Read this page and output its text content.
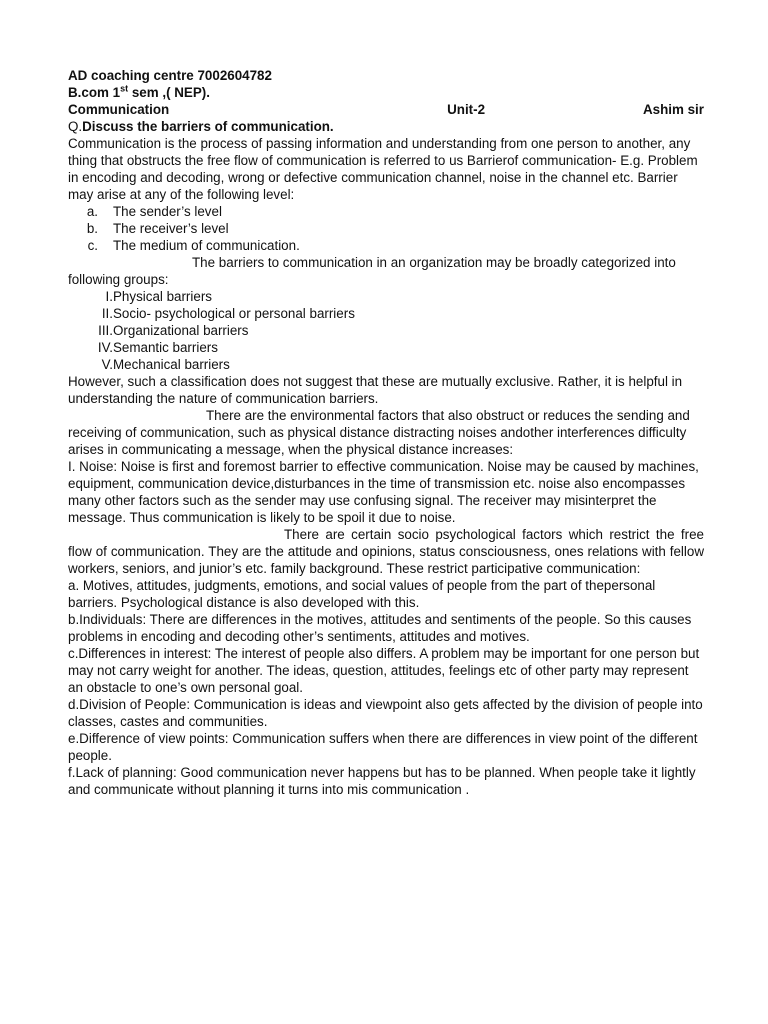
AD coaching centre 7002604782

B.com 1st sem ,( NEP).

Communication	Unit-2	Ashim sir

Q.Discuss the barriers of communication.

Communication is the process of passing information and understanding from one person to another, any thing that obstructs the free flow of communication is referred to us Barrierof communication- E.g. Problem in encoding and decoding, wrong or defective communication channel, noise in the channel etc. Barrier may arise at any of the following level:

a. The sender’s level
b. The receiver’s level
c. The medium of communication.

The barriers to communication in an organization may be broadly categorized into following groups:

I. Physical barriers
II. Socio- psychological or personal barriers
III. Organizational barriers
IV. Semantic barriers
V. Mechanical barriers

However, such a classification does not suggest that these are mutually exclusive. Rather, it is helpful in understanding the nature of communication barriers.

There are the environmental factors that also obstruct or reduces the sending and receiving of communication, such as physical distance distracting noises andother interferences difficulty arises in communicating a message, when the physical distance increases:

I. Noise: Noise is first and foremost barrier to effective communication. Noise may be caused by machines, equipment, communication device,disturbances in the time of transmission etc. noise also encompasses many other factors such as the sender may use confusing signal. The receiver may misinterpret the message. Thus communication is likely to be spoil it due to noise.

There are certain socio psychological factors which restrict the free flow of communication. They are the attitude and opinions, status consciousness, ones relations with fellow workers, seniors, and junior’s etc. family background. These restrict participative communication:

a. Motives, attitudes, judgments, emotions, and social values of people from the part of thepersonal barriers. Psychological distance is also developed with this.

b.Individuals: There are differences in the motives, attitudes and sentiments of the people. So this causes problems in encoding and decoding other’s sentiments, attitudes and motives.

c.Differences in interest: The interest of people also differs. A problem may be important for one person but may not carry weight for another. The ideas, question, attitudes, feelings etc of other party may represent an obstacle to one’s own personal goal.

d.Division of People: Communication is ideas and viewpoint also gets affected by the division of people into classes, castes and communities.

e.Difference of view points: Communication suffers when there are differences in view point of the different people.

f.Lack of planning: Good communication never happens but has to be planned. When people take it lightly and communicate without planning it turns into mis communication .
